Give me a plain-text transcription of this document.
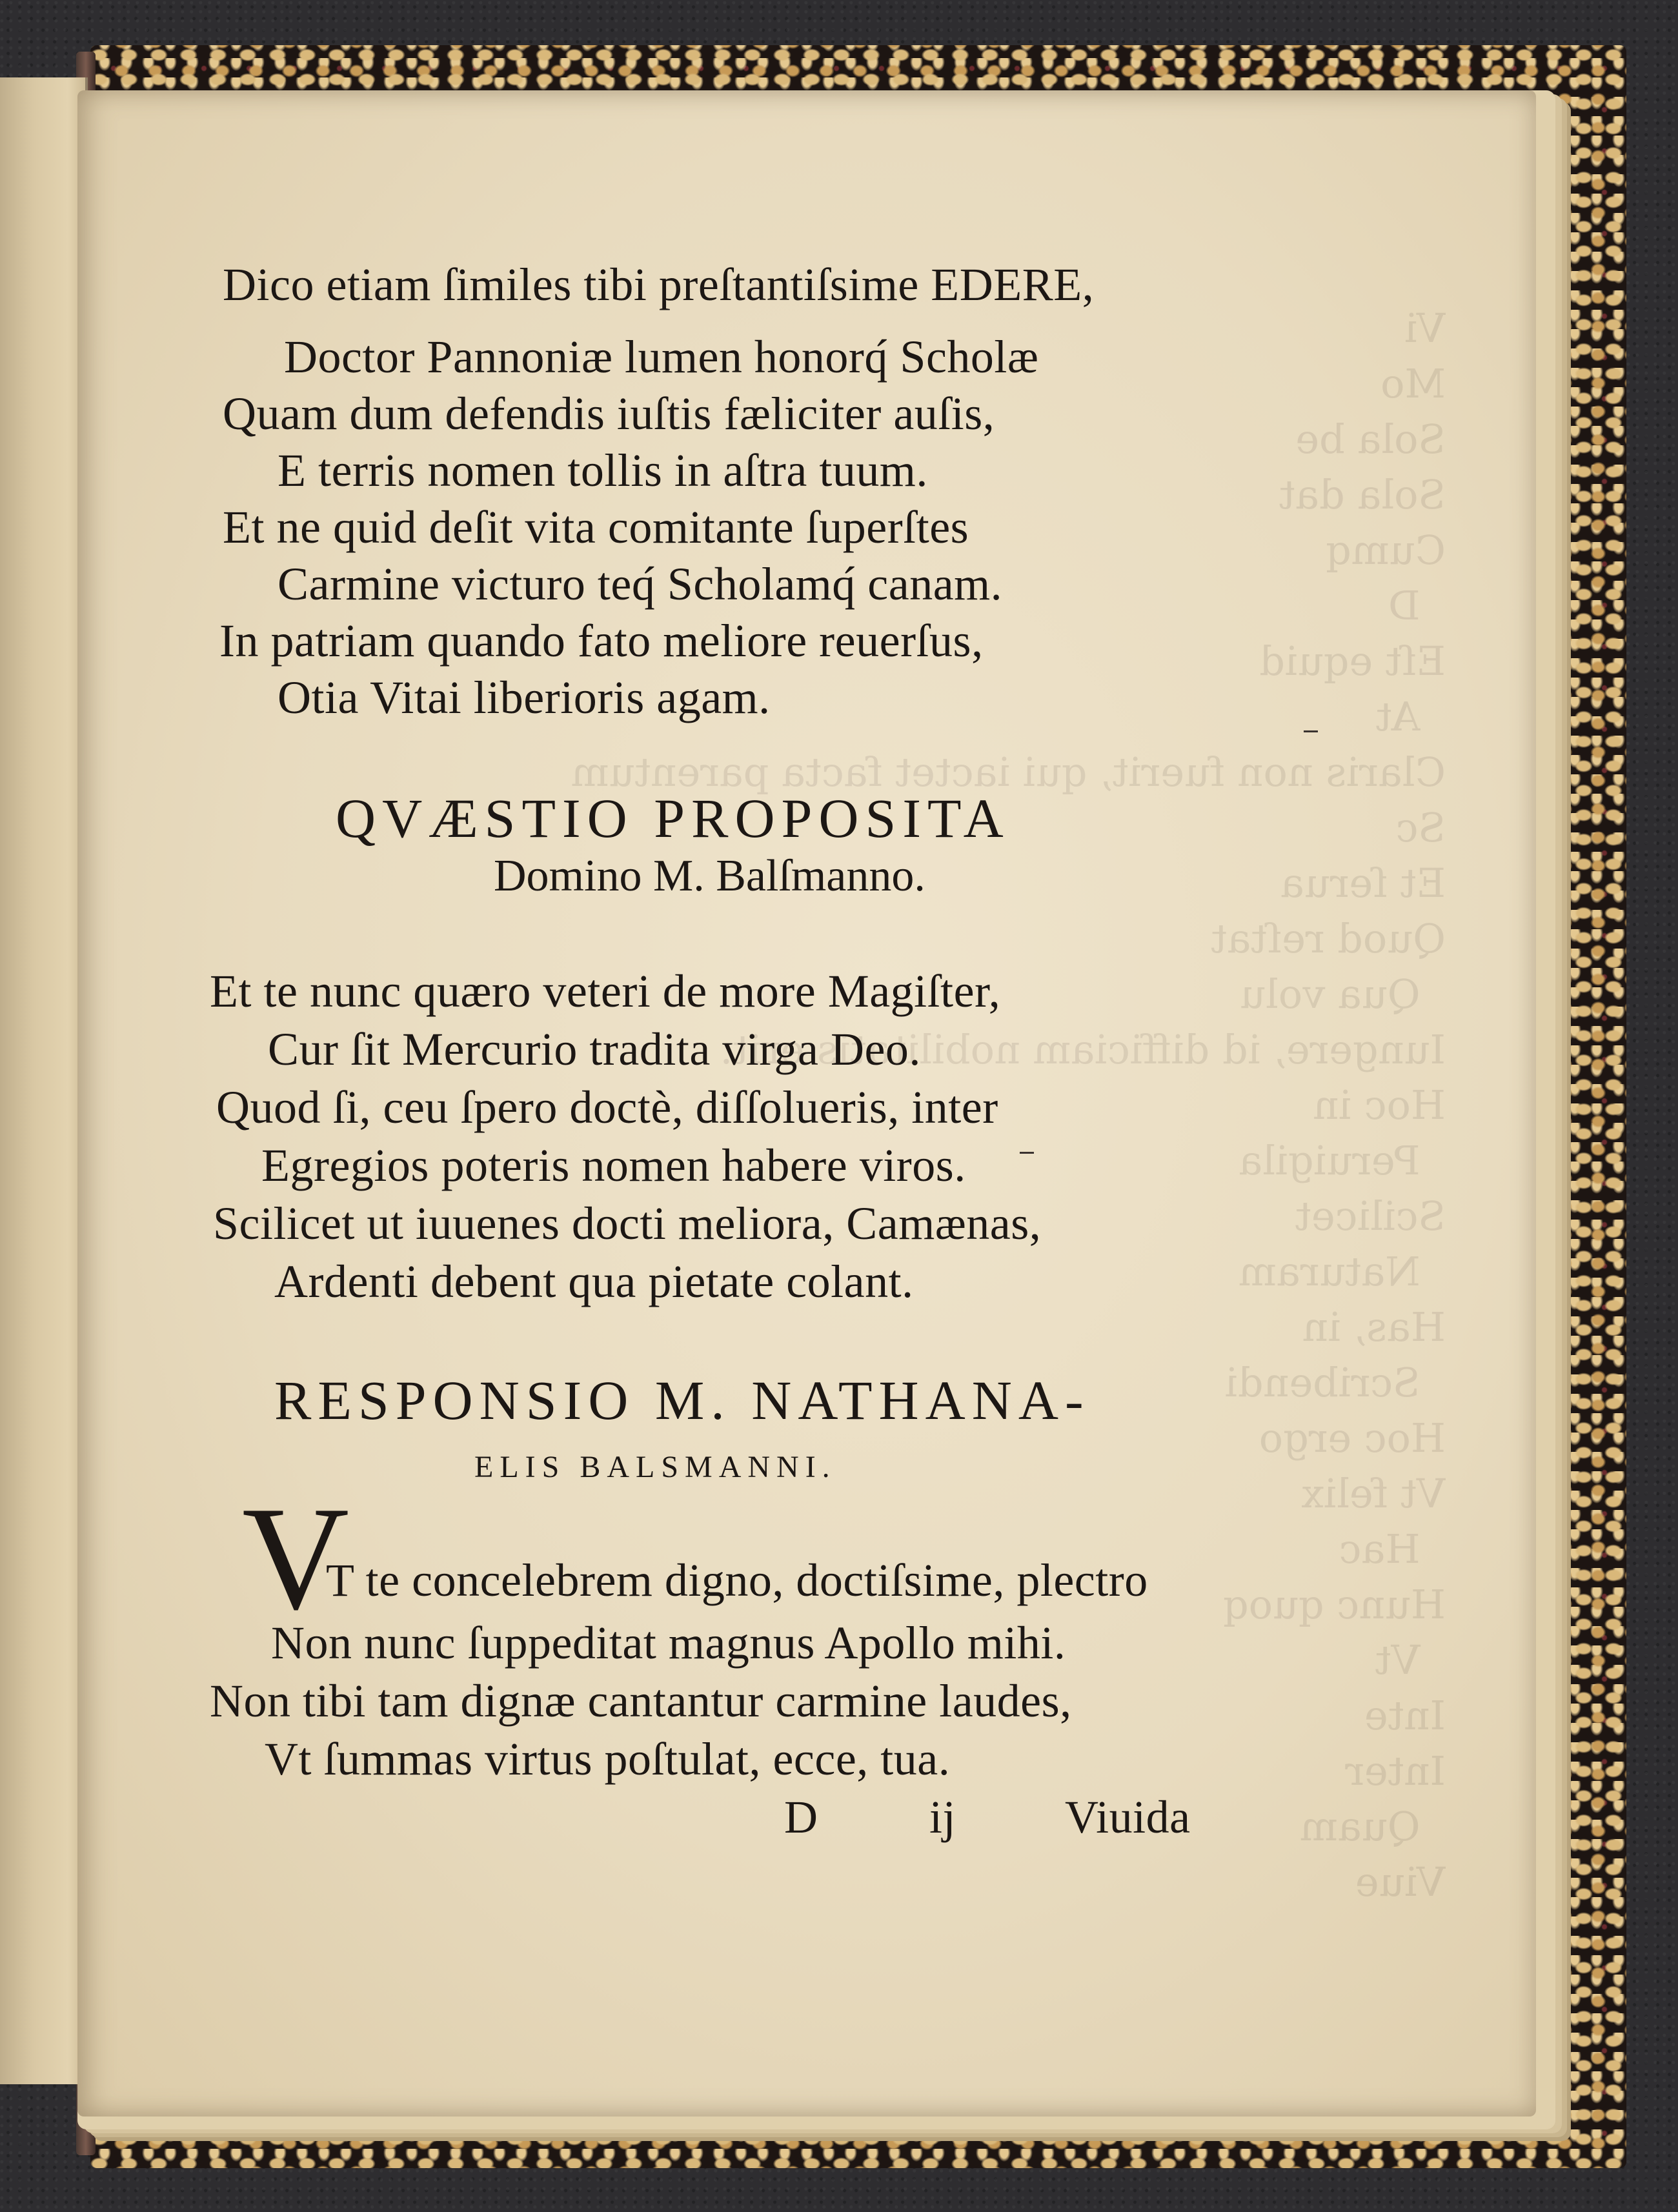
Vi
Mo
Sola be
Sola dat
Cumq
D
Eſt equid
At
Claris non fuerit, qui iactet facta parentum
Sc
Et ſerua
Quod reſtat
Qua volu
Iungere, id difficiam nobilitatis erit.
Hoc in
Peruigila
Scilicet
Naturam
Has, in
Scribendi
Hoc ergo
Vt felix
Hac
Hunc quoq
Vt
Inte
Inter
Quam
Viue

Dico etiam ſimiles tibi preſtantiſsime EDERE,
Doctor Pannoniæ lumen honorq́ Scholæ
Quam dum defendis iuſtis fæliciter auſis,
E terris nomen tollis in aſtra tuum.
Et ne quid deſit vita comitante ſuperſtes
Carmine victuro teq́ Scholamq́ canam.
In patriam quando fato meliore reuerſus,
Otia Vitai liberioris agam.
QVÆSTIO PROPOSITA
Domino M. Balſmanno.
Et te nunc quæro veteri de more Magiſter,
Cur ſit Mercurio tradita virga Deo.
Quod ſi, ceu ſpero doctè, diſſolueris, inter
Egregios poteris nomen habere viros.
Scilicet ut iuuenes docti meliora, Camænas,
Ardenti debent qua pietate colant.
RESPONSIO M. NATHANA-
ELIS BALSMANNI.
V
T te concelebrem digno, doctiſsime, plectro
Non nunc ſuppeditat magnus Apollo mihi.
Non tibi tam dignæ cantantur carmine laudes,
Vt ſummas virtus poſtulat, ecce, tua.
D ij Viuida
